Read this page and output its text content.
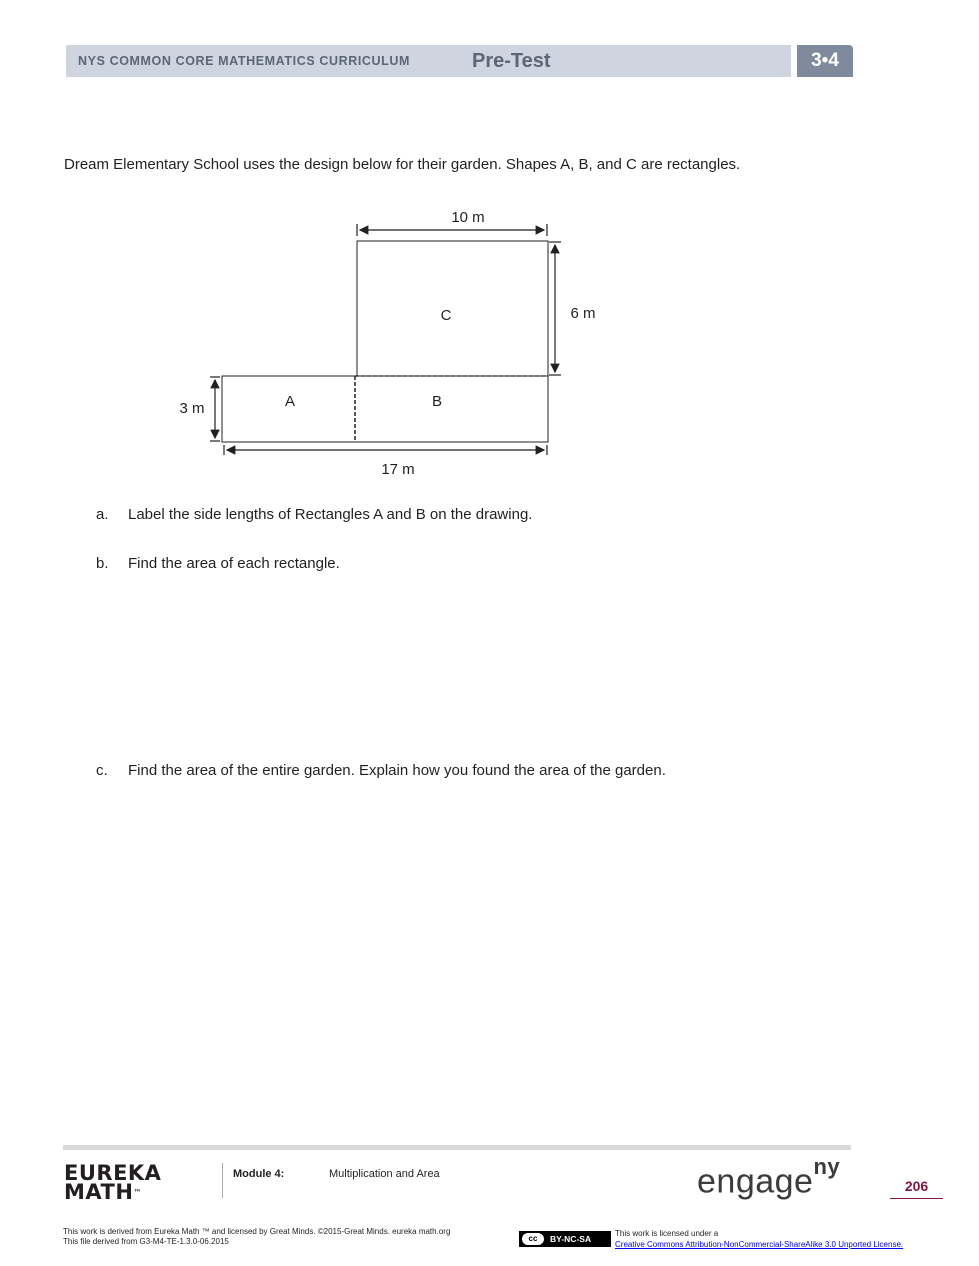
NYS COMMON CORE MATHEMATICS CURRICULUM	Pre-Test	3•4
Dream Elementary School uses the design below for their garden. Shapes A, B, and C are rectangles.
10 m
6 m
3 m
17 m
C
A	B
a. Label the side lengths of Rectangles A and B on the drawing.
b. Find the area of each rectangle.
c. Find the area of the entire garden. Explain how you found the area of the garden.
EUREKA
MATH™
Module 4:	Multiplication and Area	engage$^{ny}$
206
This work is derived from Eureka Math ™ and licensed by Great Minds. ©2015-Great Minds. eureka math.org
This file derived from G3-M4-TE-1.3.0-06.2015	cc	BY-NC-SA
This work is licensed under a
Creative Commons Attribution-NonCommercial-ShareAlike 3.0 Unported License.
